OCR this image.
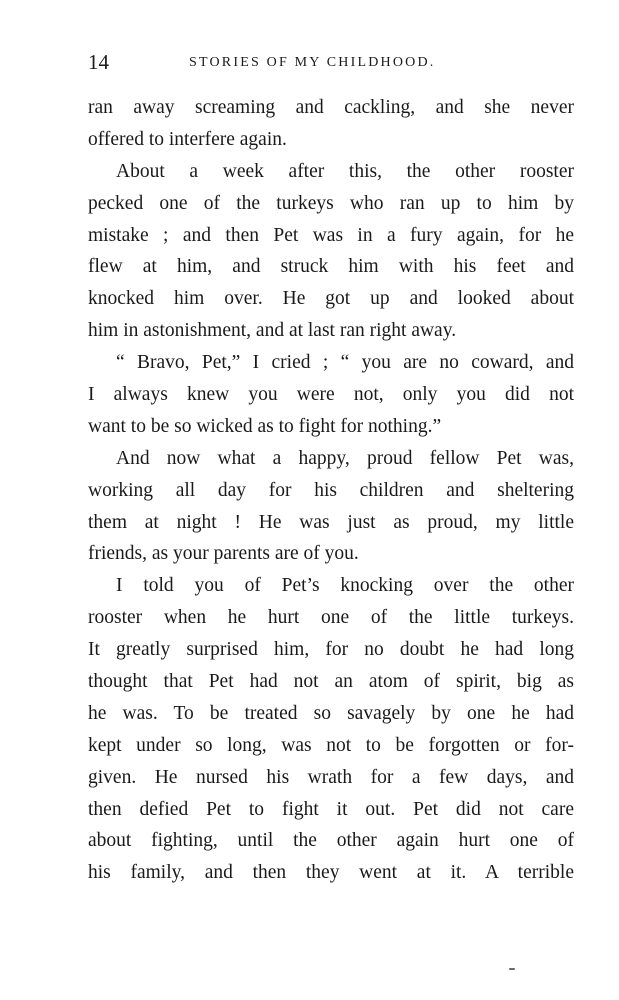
14	STORIES OF MY CHILDHOOD.
ran away screaming and cackling, and she never
offered to interfere again.
About a week after this, the other rooster
pecked one of the turkeys who ran up to him by
mistake ; and then Pet was in a fury again, for he
flew at him, and struck him with his feet and
knocked him over. He got up and looked about
him in astonishment, and at last ran right away.
“ Bravo, Pet,” I cried ; “ you are no coward, and
I always knew you were not, only you did not
want to be so wicked as to fight for nothing.”
And now what a happy, proud fellow Pet was,
working all day for his children and sheltering
them at night ! He was just as proud, my little
friends, as your parents are of you.
I told you of Pet’s knocking over the other
rooster when he hurt one of the little turkeys.
It greatly surprised him, for no doubt he had long
thought that Pet had not an atom of spirit, big as
he was. To be treated so savagely by one he had
kept under so long, was not to be forgotten or for-
given. He nursed his wrath for a few days, and
then defied Pet to fight it out. Pet did not care
about fighting, until the other again hurt one of
his family, and then they went at it. A terrible
